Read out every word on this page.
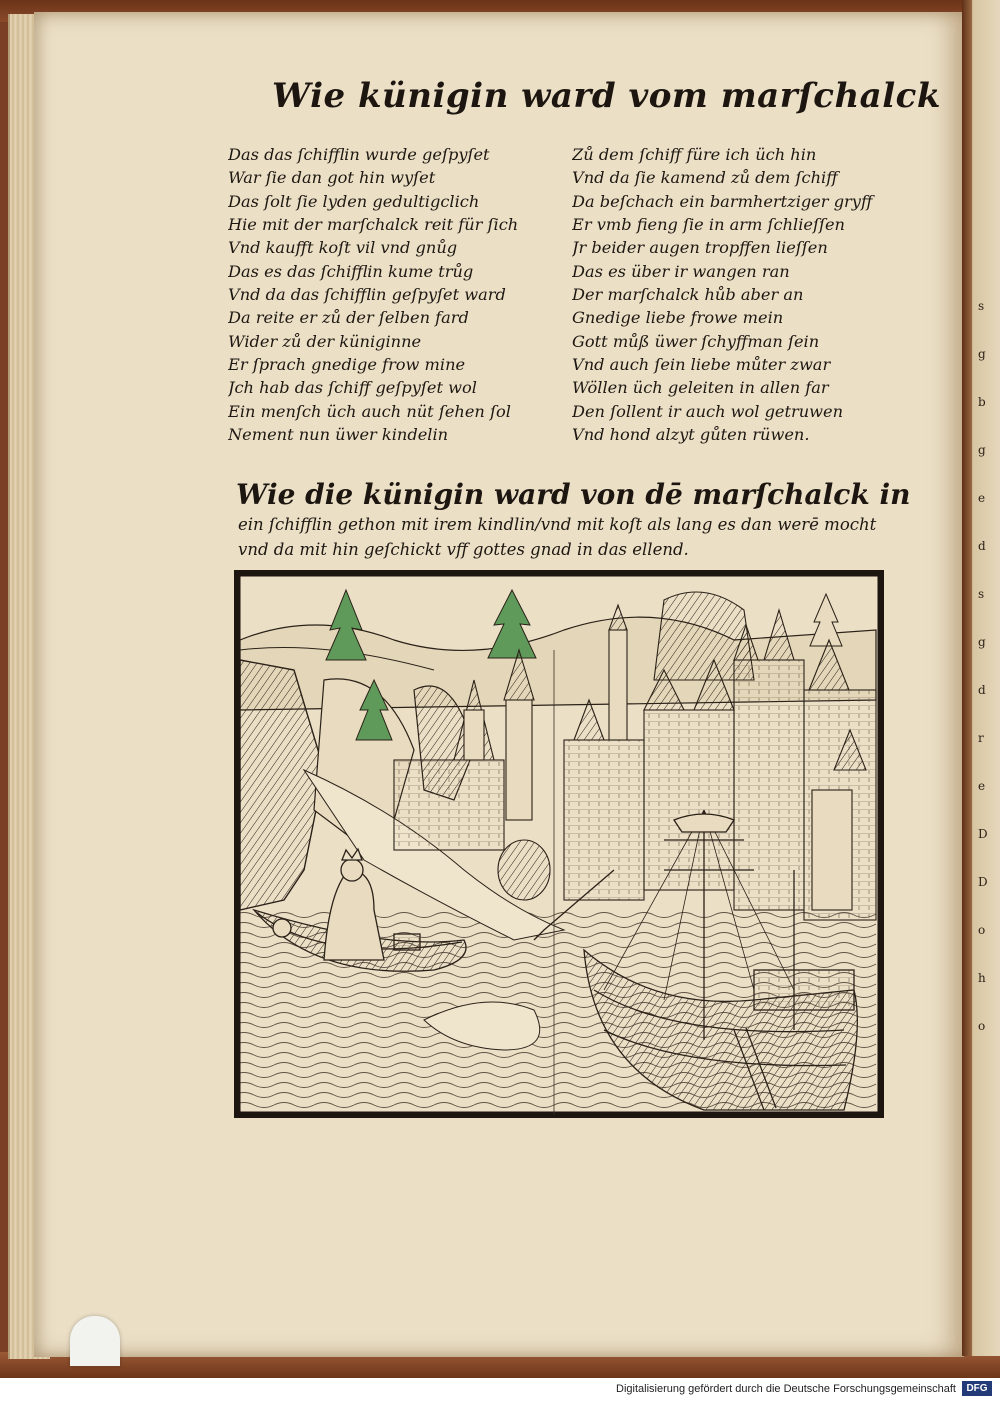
s
g
b
g
e
d
s
g
d
r
e
D
D
o
h
o
Wie künigin ward vom marſchalck
Das das ſchifflin wurde geſpyſet
War ſie dan got hin wyſet
Das ſolt ſie lyden gedultigclich
Hie mit der marſchalck reit für ſich
Vnd kaufft koſt vil vnd gnůg
Das es das ſchifflin kume trůg
Vnd da das ſchifflin geſpyſet ward
Da reite er zů der ſelben fard
Wider zů der küniginne
Er ſprach gnedige frow mine
Jch hab das ſchiff geſpyſet wol
Ein menſch üch auch nüt ſehen ſol
Nement nun üwer kindelin
Zů dem ſchiff füre ich üch hin
Vnd da ſie kamend zů dem ſchiff
Da beſchach ein barmhertziger gryff
Er vmb fieng ſie in arm ſchlieſſen
Jr beider augen tropffen lieſſen
Das es über ir wangen ran
Der marſchalck hůb aber an
Gnedige liebe frowe mein
Gott můß üwer ſchyffman ſein
Vnd auch ſein liebe můter zwar
Wöllen üch geleiten in allen far
Den ſollent ir auch wol getruwen
Vnd hond alzyt gůten rüwen.
Wie die künigin ward von dē marſchalck in
ein ſchifflin gethon mit irem kindlin/vnd mit koſt als lang es dan werē mocht
vnd da mit hin geſchickt vff gottes gnad in das ellend.
Digitalisierung gefördert durch die Deutsche Forschungsgemeinschaft	DFG
